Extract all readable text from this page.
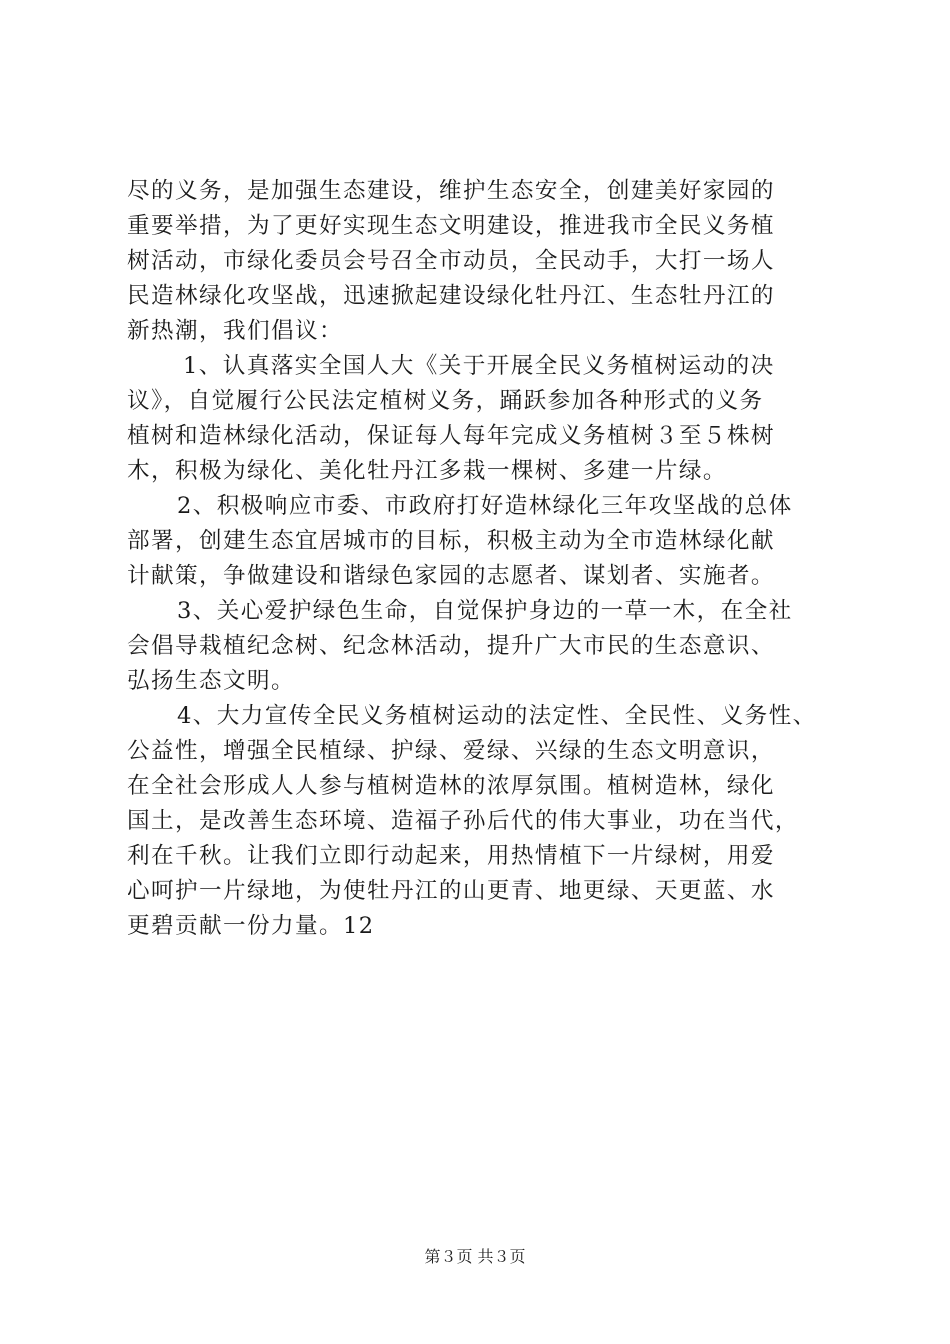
尽的义务，是加强生态建设，维护生态安全，创建美好家园的
重要举措，为了更好实现生态文明建设，推进我市全民义务植
树活动，市绿化委员会号召全市动员，全民动手，大打一场人
民造林绿化攻坚战，迅速掀起建设绿化牡丹江、生态牡丹江的
新热潮，我们倡议：
1、认真落实全国人大《关于开展全民义务植树运动的决
议》，自觉履行公民法定植树义务，踊跃参加各种形式的义务
植树和造林绿化活动，保证每人每年完成义务植树３至５株树
木，积极为绿化、美化牡丹江多栽一棵树、多建一片绿。
2、积极响应市委、市政府打好造林绿化三年攻坚战的总体
部署，创建生态宜居城市的目标，积极主动为全市造林绿化献
计献策，争做建设和谐绿色家园的志愿者、谋划者、实施者。
3、关心爱护绿色生命，自觉保护身边的一草一木，在全社
会倡导栽植纪念树、纪念林活动，提升广大市民的生态意识、
弘扬生态文明。
4、大力宣传全民义务植树运动的法定性、全民性、义务性、
公益性，增强全民植绿、护绿、爱绿、兴绿的生态文明意识，
在全社会形成人人参与植树造林的浓厚氛围。植树造林，绿化
国土，是改善生态环境、造福子孙后代的伟大事业，功在当代，
利在千秋。让我们立即行动起来，用热情植下一片绿树，用爱
心呵护一片绿地，为使牡丹江的山更青、地更绿、天更蓝、水
更碧贡献一份力量。12
第３页 共３页
